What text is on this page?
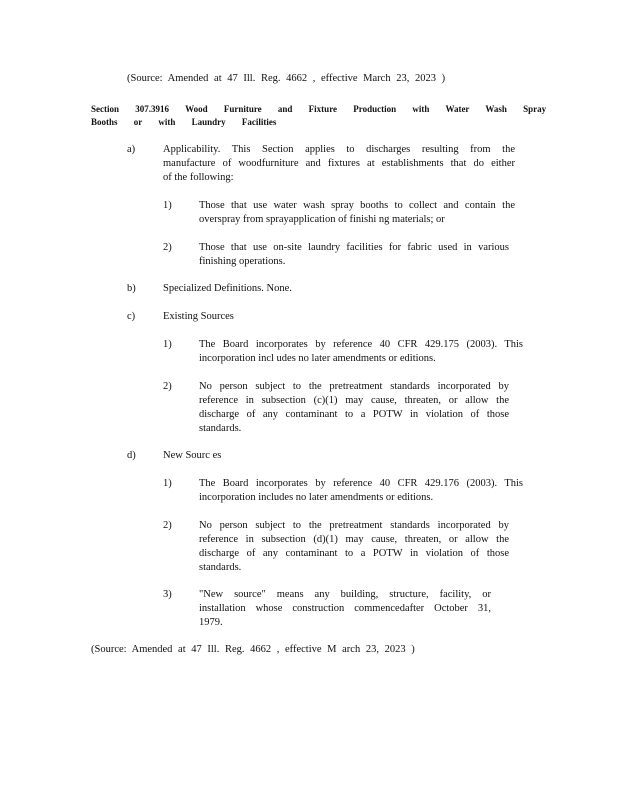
(Source: Amended at 47 Ill. Reg. 4662 , effective March 23, 2023 )
Section 307.3916 Wood Furniture and Fixture Production with Water Wash Spray
Booths or with Laundry Facilities
a)	Applicability. This Section applies to discharges resulting from the
manufacture of woodfurniture and fixtures at establishments that do either
of the following:
1)	Those that use water wash spray booths to collect and contain the
overspray from sprayapplication of finishi ng materials; or
2)	Those that use on-site laundry facilities for fabric used in various
finishing operations.
b)	Specialized Definitions. None.
c)	Existing Sources
1)	The Board incorporates by reference 40 CFR 429.175 (2003). This
incorporation incl udes no later amendments or editions.
2)	No person subject to the pretreatment standards incorporated by
reference in subsection (c)(1) may cause, threaten, or allow the
discharge of any contaminant to a POTW in violation of those
standards.
d)	New Sourc es
1)	The Board incorporates by reference 40 CFR 429.176 (2003). This
incorporation includes no later amendments or editions.
2)	No person subject to the pretreatment standards incorporated by
reference in subsection (d)(1) may cause, threaten, or allow the
discharge of any contaminant to a POTW in violation of those
standards.
3)	"New source" means any building, structure, facility, or
installation whose construction commencedafter October 31,
1979.
(Source: Amended at 47 Ill. Reg. 4662 , effective M arch 23, 2023 )
